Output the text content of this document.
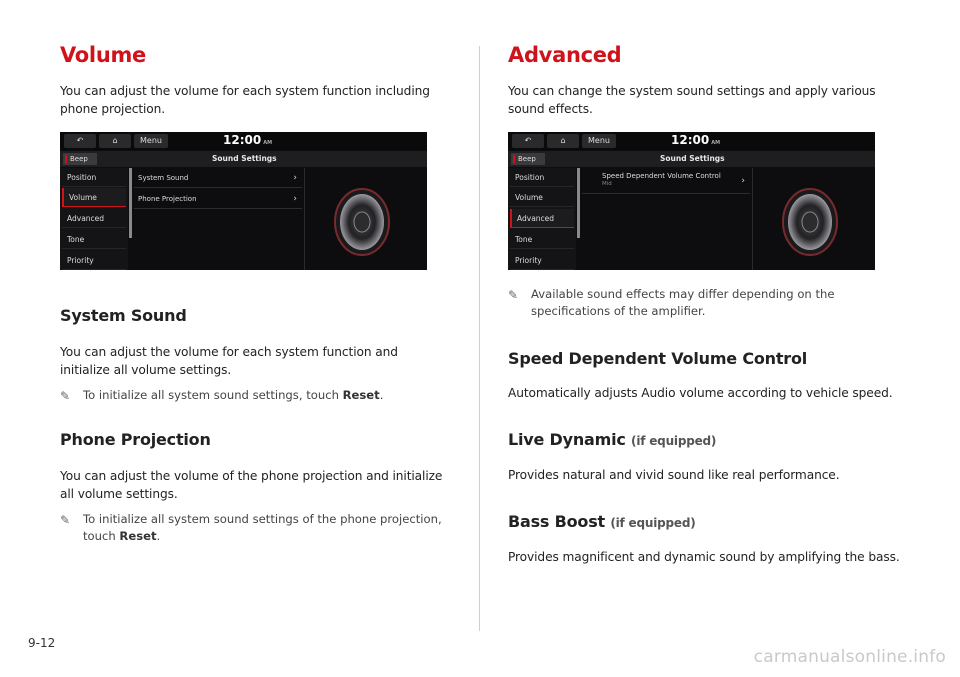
Volume

You can adjust the volume for each system function including phone projection.

↶	⌂	Menu	12:00 AM
Beep	Sound Settings
Position
Volume
Advanced
Tone
Priority
System Sound	›
Phone Projection	›
System Sound

You can adjust the volume for each system function and initialize all volume settings.

✎ To initialize all system sound settings, touch Reset.
Phone Projection

You can adjust the volume of the phone projection and initialize all volume settings.

✎ To initialize all system sound settings of the phone projection, touch Reset.
Advanced

You can change the system sound settings and apply various sound effects.

↶	⌂	Menu	12:00 AM
Beep	Sound Settings
Position
Volume
Advanced
Tone
Priority
Speed Dependent Volume Control
Mid	›
✎ Available sound effects may differ depending on the specifications of the amplifier.
Speed Dependent Volume Control

Automatically adjusts Audio volume according to vehicle speed.

Live Dynamic (if equipped)

Provides natural and vivid sound like real performance.

Bass Boost (if equipped)

Provides magnificent and dynamic sound by amplifying the bass.

9-12
carmanualsonline.info
